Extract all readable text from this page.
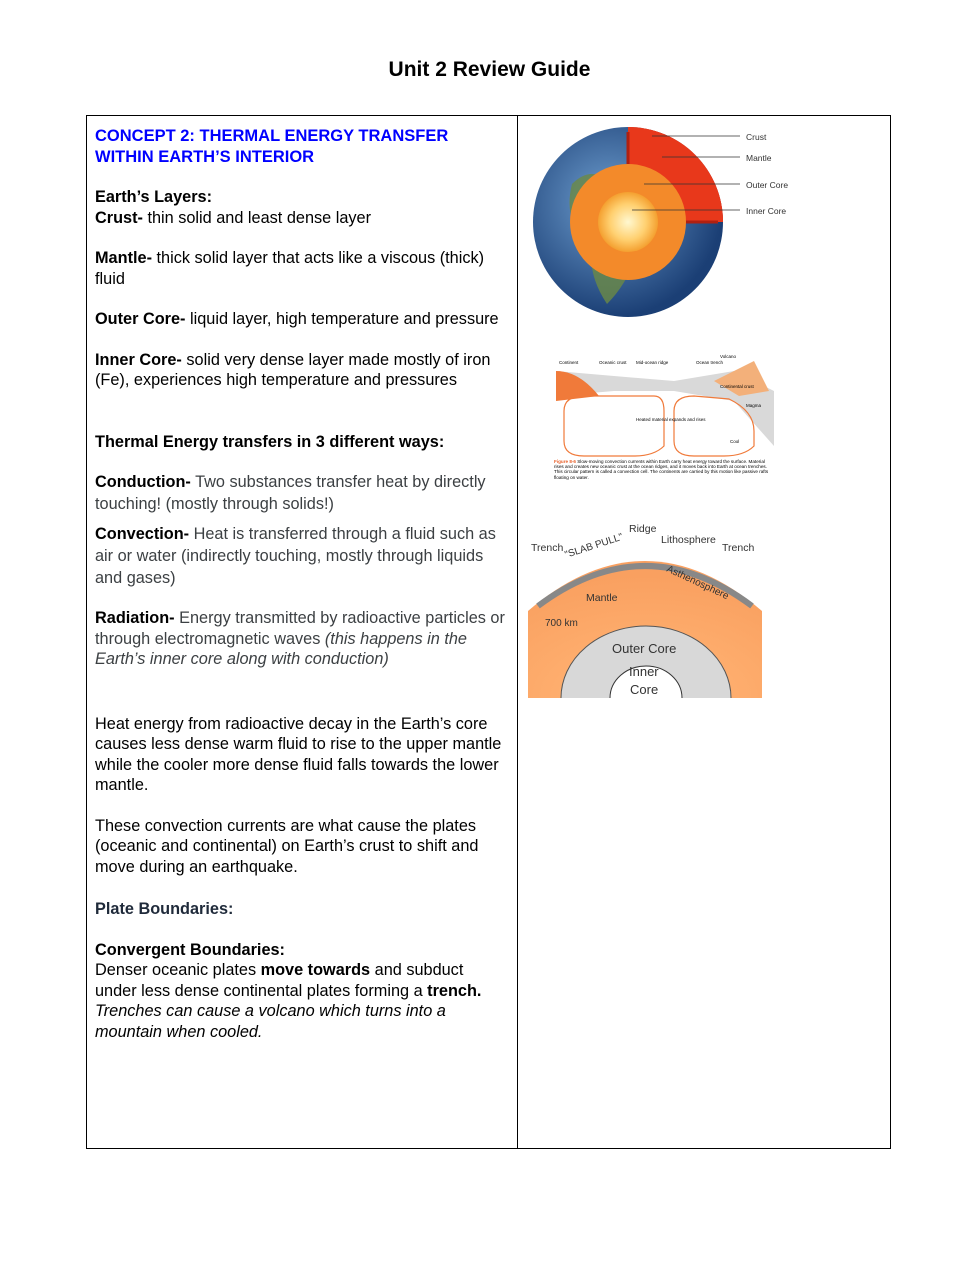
Unit 2 Review Guide

CONCEPT 2: THERMAL ENERGY TRANSFER
WITHIN EARTH’S INTERIOR

Earth’s Layers:

Crust- thin solid and least dense layer

Mantle- thick solid layer that acts like a viscous (thick) fluid

Outer Core- liquid layer, high temperature and pressure

Inner Core- solid very dense layer made mostly of iron (Fe), experiences high temperature and pressures

Thermal Energy transfers in 3 different ways:

Conduction- Two substances transfer heat by directly touching! (mostly through solids!)

Convection- Heat is transferred through a fluid such as air or water (indirectly touching, mostly through liquids and gases)

Radiation- Energy transmitted by radioactive particles or through electromagnetic waves (this happens in the Earth’s inner core along with conduction)

Heat energy from radioactive decay in the Earth’s core causes less dense warm fluid to rise to the upper mantle while the cooler more dense fluid falls towards the lower mantle.

These convection currents are what cause the plates (oceanic and continental) on Earth’s crust to shift and move during an earthquake.

Plate Boundaries:

Convergent Boundaries:

Denser oceanic plates move towards and subduct under less dense continental plates forming a trench.
Trenches can cause a volcano which turns into a mountain when cooled.

Crust
Mantle
Outer Core
Inner Core
Continent	Oceanic crust Mid-ocean ridge	Ocean trench
Volcano
Continental crust
Magma
Heated material expands and rises
Cool
Figure 8-6 Slow-moving convection currents within Earth carry heat energy toward the surface. Material rises and creates new oceanic crust at the ocean ridges, and it moves back into Earth at ocean trenches. This circular pattern is called a convection cell. The continents are carried by this motion like passive rafts floating on water.
Trench "SLAB PULL"
Ridge
Lithosphere
Trench
Asthenosphere
Mantle
700 km
Outer Core
Inner
Core
